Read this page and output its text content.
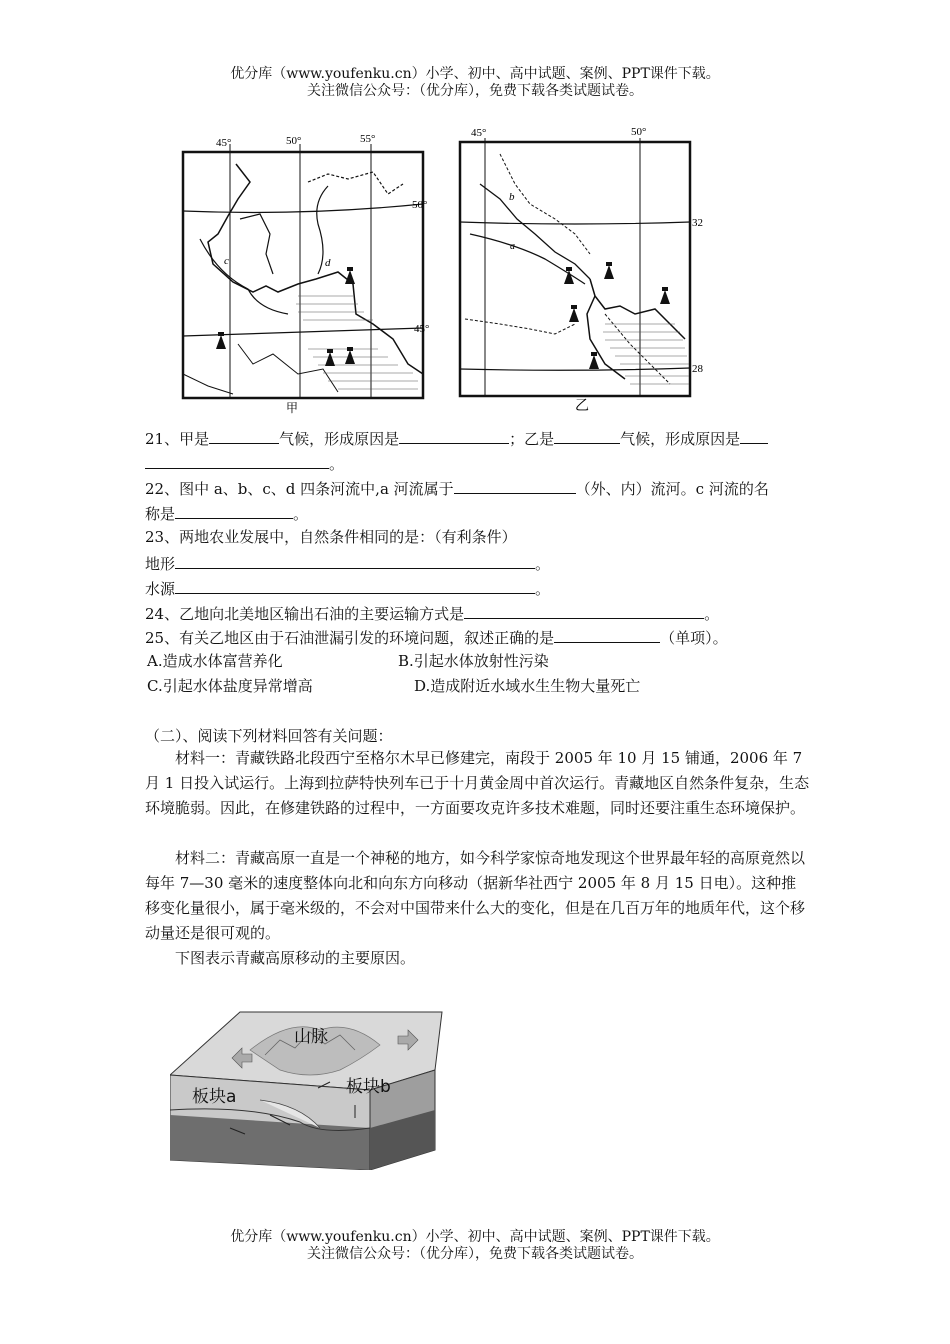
优分库（www.youfenku.cn）小学、初中、高中试题、案例、PPT课件下载。
关注微信公众号：（优分库），免费下载各类试题试卷。
45°	50°	55°
50°
45°
c	d
甲
45°	50°
32
28
b
a
乙
21、甲是	气候，形成原因是	；乙是	气候，形成原因是
。
22、图中 a、b、c、d 四条河流中,a 河流属于	（外、内）流河。c 河流的名
称是	。
23、两地农业发展中，自然条件相同的是：（有利条件）
地形	。
水源	。
24、乙地向北美地区输出石油的主要运输方式是	。
25、有关乙地区由于石油泄漏引发的环境问题，叙述正确的是	（单项）。
A.造成水体富营养化	B.引起水体放射性污染
C.引起水体盐度异常增高	D.造成附近水域水生生物大量死亡
（二）、阅读下列材料回答有关问题：
材料一：青藏铁路北段西宁至格尔木早已修建完，南段于 2005 年 10 月 15 铺通，2006 年 7 月 1 日投入试运行。上海到拉萨特快列车已于十月黄金周中首次运行。青藏地区自然条件复杂，生态环境脆弱。因此，在修建铁路的过程中，一方面要攻克许多技术难题，同时还要注重生态环境保护。
材料二：青藏高原一直是一个神秘的地方，如今科学家惊奇地发现这个世界最年轻的高原竟然以每年 7—30 毫米的速度整体向北和向东方向移动（据新华社西宁 2005 年 8 月 15 日电）。这种推移变化量很小，属于毫米级的，不会对中国带来什么大的变化，但是在几百万年的地质年代，这个移动量还是很可观的。
下图表示青藏高原移动的主要原因。
山脉
板块a	板块b
优分库（www.youfenku.cn）小学、初中、高中试题、案例、PPT课件下载。
关注微信公众号：（优分库），免费下载各类试题试卷。
